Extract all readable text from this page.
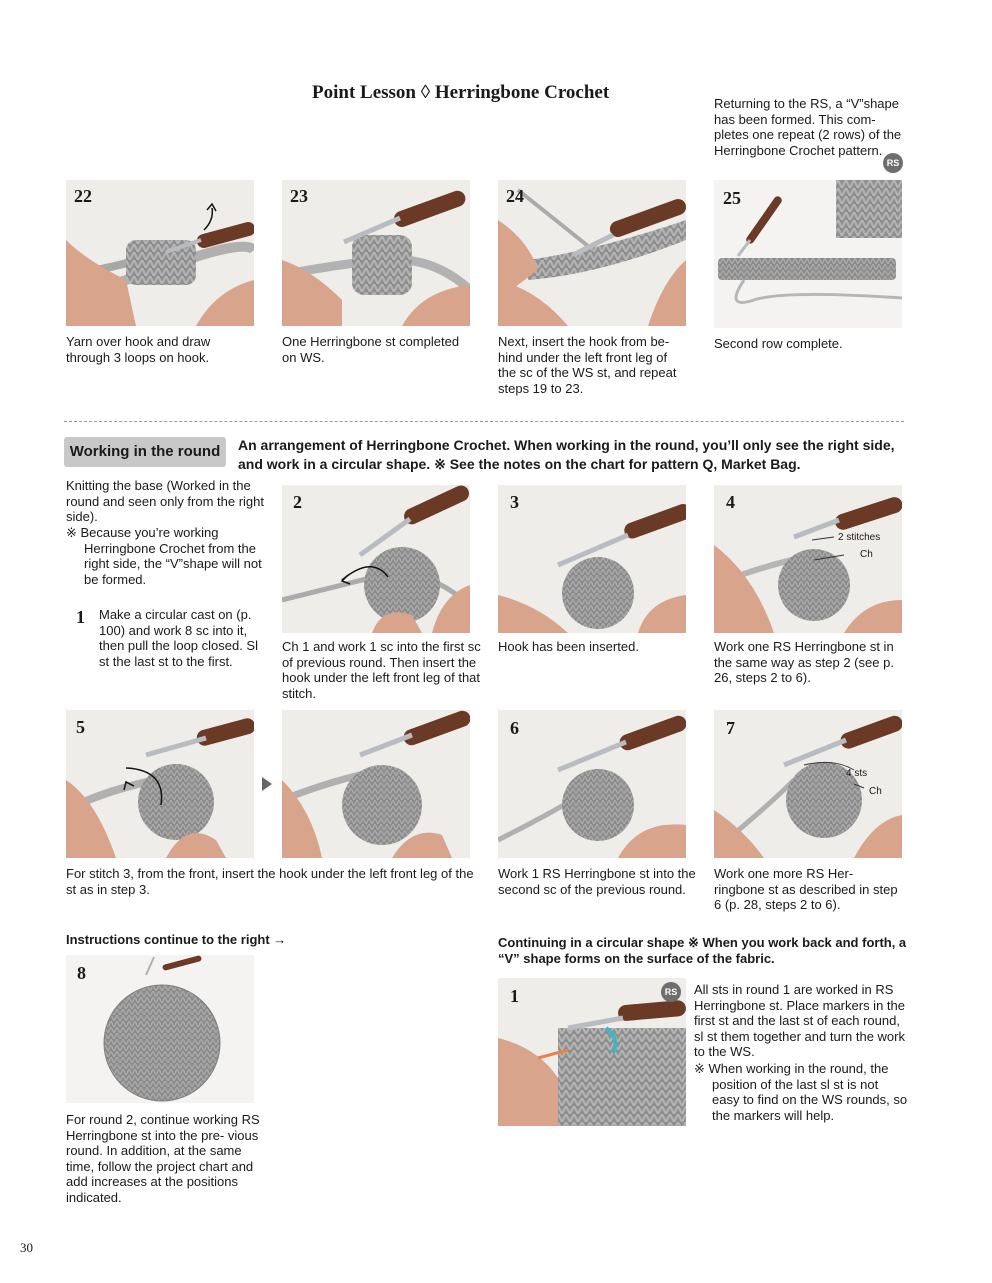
Point Lesson ◊ Herringbone Crochet
Returning to the RS, a “V”shape has been formed. This com- pletes one repeat (2 rows) of the Herringbone Crochet pattern.
RS
22
Yarn over hook and draw through 3 loops on hook.
23
One Herringbone st completed on WS.
24
Next, insert the hook from be- hind under the left front leg of the sc of the WS st, and repeat steps 19 to 23.
25
Second row complete.
Working in the round	An arrangement of Herringbone Crochet. When working in the round, you’ll only see the right side, and work in a circular shape. ※ See the notes on the chart for pattern Q, Market Bag.
Knitting the base (Worked in the round and seen only from the right side).
※ Because you’re working Herringbone Crochet from the right side, the “V”shape will not be formed.
1 Make a circular cast on (p. 100) and work 8 sc into it, then pull the loop closed. Sl st the last st to the first.
2
Ch 1 and work 1 sc into the first sc of previous round. Then insert the hook under the left front leg of that stitch.
3
Hook has been inserted.
4
2 stitches
Ch
Work one RS Herringbone st in the same way as step 2 (see p. 26, steps 2 to 6).
5
For stitch 3, from the front, insert the hook under the left front leg of the st as in step 3.
6
Work 1 RS Herringbone st into the second sc of the previous round.
7
4 sts
Ch
Work one more RS Her- ringbone st as described in step 6 (p. 28, steps 2 to 6).
Instructions continue to the right →
8
For round 2, continue working RS Herringbone st into the pre- vious round. In addition, at the same time, follow the project chart and add increases at the positions indicated.
Continuing in a circular shape ※ When you work back and forth, a “V” shape forms on the surface of the fabric.
1	RS All sts in round 1 are worked in RS Herringbone st. Place markers in the first st and the last st of each round, sl st them together and turn the work to the WS.
※ When working in the round, the position of the last sl st is not easy to find on the WS rounds, so the markers will help.
30
